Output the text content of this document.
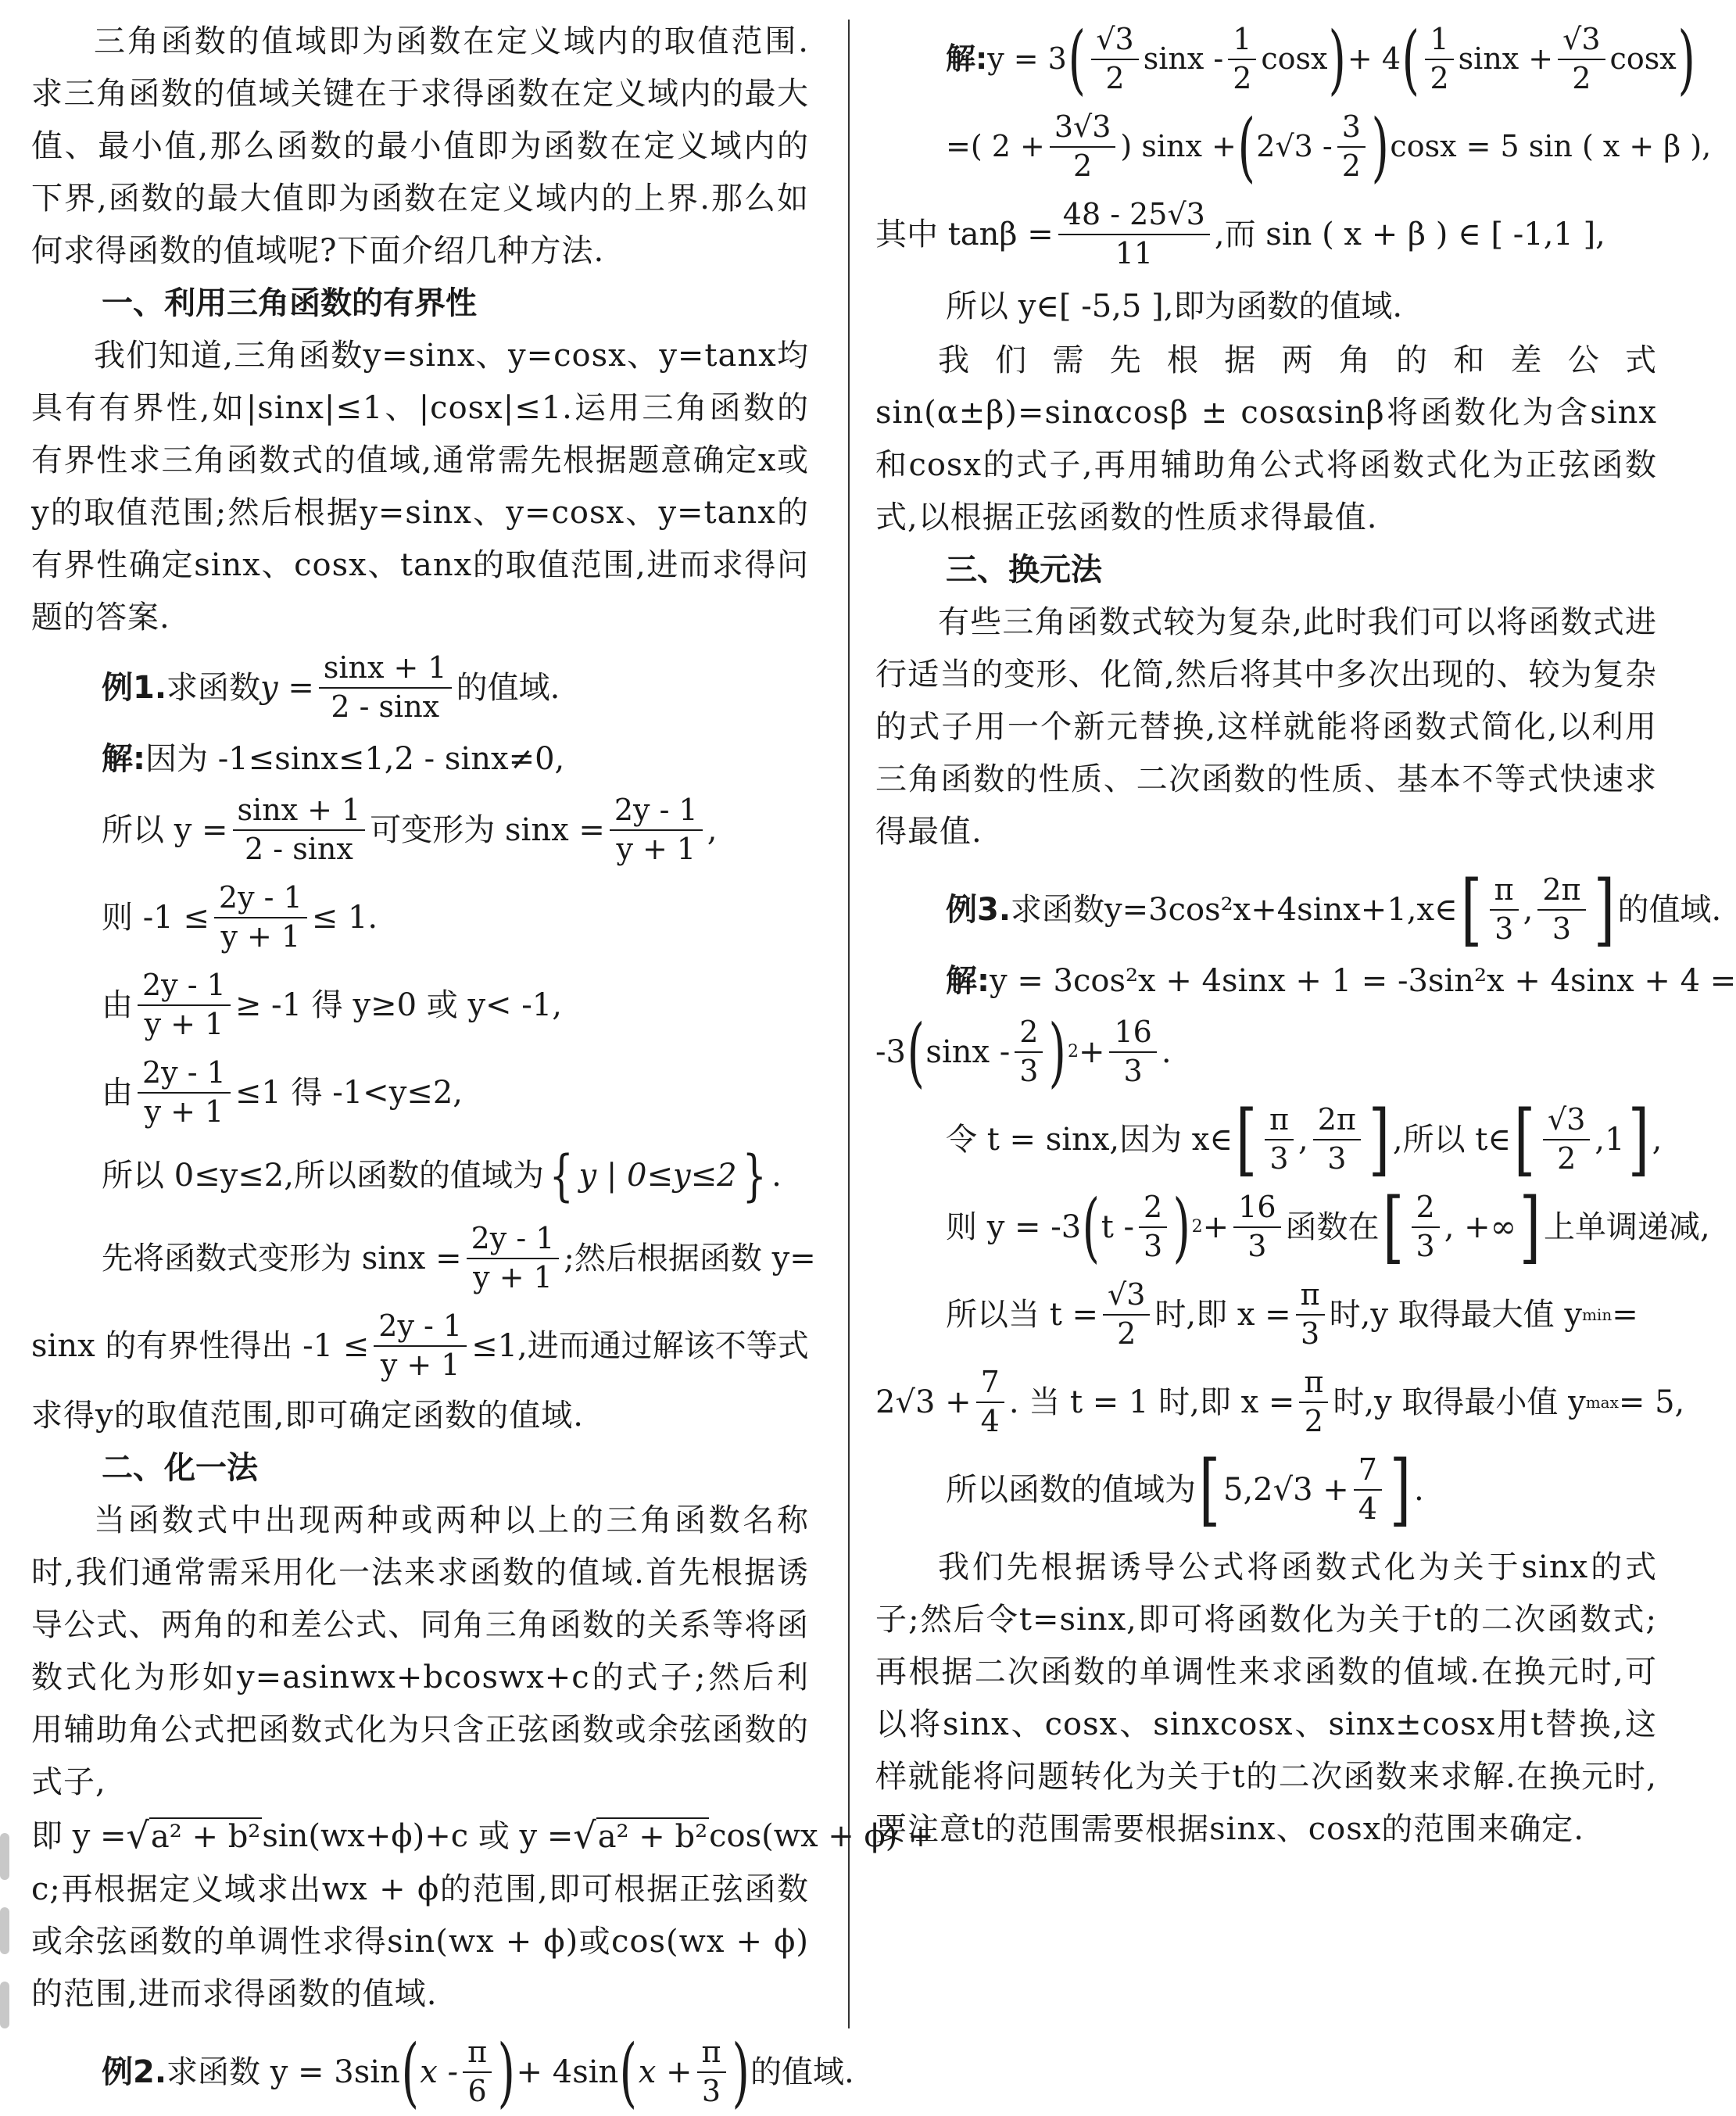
三角函数的值域即为函数在定义域内的取值范围.求三角函数的值域关键在于求得函数在定义域内的最大值、最小值,那么函数的最小值即为函数在定义域内的下界,函数的最大值即为函数在定义域内的上界.那么如何求得函数的值域呢?下面介绍几种方法.

一、利用三角函数的有界性

我们知道,三角函数y=sinx、y=cosx、y=tanx均具有有界性,如|sinx|≤1、|cosx|≤1.运用三角函数的有界性求三角函数式的值域,通常需先根据题意确定x或y的取值范围;然后根据y=sinx、y=cosx、y=tanx的有界性确定sinx、cosx、tanx的取值范围,进而求得问题的答案.

例1. 求函数 $y = \frac{\sin x + 1}{2 - \sin x}$ 的值域.
解: 因为 -1≤sinx≤1,2 - sinx≠0,
所以 $y = \frac{\sin x + 1}{2 - \sin x}$ 可变形为 $\sin x = \frac{2y - 1}{y + 1}$ ,
则 $-1 \le \frac{2y - 1}{y + 1} \le 1$.
由 $\frac{2y - 1}{y + 1} \ge -1$ 得 y≥0 或 y< -1,
由 $\frac{2y - 1}{y + 1} \le 1$ 得 -1<y≤2,
所以 0≤y≤2,所以函数的值域为 { y | 0≤y≤2 } .
先将函数式变形为 $\sin x = \frac{2y - 1}{y + 1}$ ;然后根据函数 y=
sinx 的有界性得出 $-1 \le \frac{2y - 1}{y + 1} \le 1$,进而通过解该不等式

求得y的取值范围,即可确定函数的值域.

二、化一法

当函数式中出现两种或两种以上的三角函数名称时,我们通常需采用化一法来求函数的值域.首先根据诱导公式、两角的和差公式、同角三角函数的关系等将函数式化为形如y=asinwx+bcoswx+c的式子;然后利用辅助角公式把函数式化为只含正弦函数或余弦函数的式子,

即 y = √ a² + b² sin(wx+ϕ)+c 或 y = √ a² + b² cos(wx + ϕ) +

c;再根据定义域求出wx + ϕ的范围,即可根据正弦函数或余弦函数的单调性求得sin(wx + ϕ)或cos(wx + ϕ)的范围,进而求得函数的值域.

例2. 求函数 y = 3sin ( x - $\frac{\pi}{6}$ ) + 4sin ( $x + \frac{\pi}{3}$ ) 的值域.
解: y = 3 ( $\frac{√3}{2}$ sinx - $\frac{1}{2}$ cosx ) + 4 ( $\frac{1}{2}$ $\sin x + \frac{√3}{2}$ cosx )
=( $2 + \frac{3√3}{2}$ ) sinx + ( $2√3 - \frac{3}{2}$ ) cosx = 5 sin ( x + β ),
其中 $\tan\beta = \frac{48 - 25√3}{11}$ ,而 sin ( x + β ) ∈ [ -1,1 ],
所以 y∈[ -5,5 ],即为函数的值域.

我们需先根据两角的和差公式sin(α±β)=sinαcosβ ± cosαsinβ将函数化为含sinx和cosx的式子,再用辅助角公式将函数式化为正弦函数式,以根据正弦函数的性质求得最值.

三、换元法

有些三角函数式较为复杂,此时我们可以将函数式进行适当的变形、化简,然后将其中多次出现的、较为复杂的式子用一个新元替换,这样就能将函数式简化,以利用三角函数的性质、二次函数的性质、基本不等式快速求得最值.

例3. 求函数y=3cos²x+4sinx+1,x∈ [ $\frac{\pi}{3}$ , $\frac{2\pi}{3}$ ] 的值域.
解: y = 3cos²x + 4sinx + 1 = -3sin²x + 4sinx + 4 =
-3 ( sinx - $\frac{2}{3}$ ) $2 + \frac{16}{3}$ .
令 t = sinx,因为 x∈ [ $\frac{\pi}{3}$ , $\frac{2\pi}{3}$ ] ,所以 t∈ [ $\frac{√3}{2} ,1$ ] ,
则 y = -3 ( t - $\frac{2}{3}$ ) $2 + \frac{16}{3}$ 函数在 [ $\frac{2}{3}$ , +∞ ] 上单调递减,
所以当 $t = \frac{√3}{2}$ 时,即 $x = \frac{\pi}{3}$ 时,y 取得最大值 y min =
$2√3 + \frac{7}{4}$ . 当 t = 1 时,即 $x = \frac{\pi}{2}$ 时,y 取得最小值 y max = 5,
所以函数的值域为 [ $5,2√3 + \frac{7}{4}$ ] .

我们先根据诱导公式将函数式化为关于sinx的式子;然后令t=sinx,即可将函数化为关于t的二次函数式;再根据二次函数的单调性来求函数的值域.在换元时,可以将sinx、cosx、sinxcosx、sinx±cosx用t替换,这样就能将问题转化为关于t的二次函数来求解.在换元时,要注意t的范围需要根据sinx、cosx的范围来确定.
